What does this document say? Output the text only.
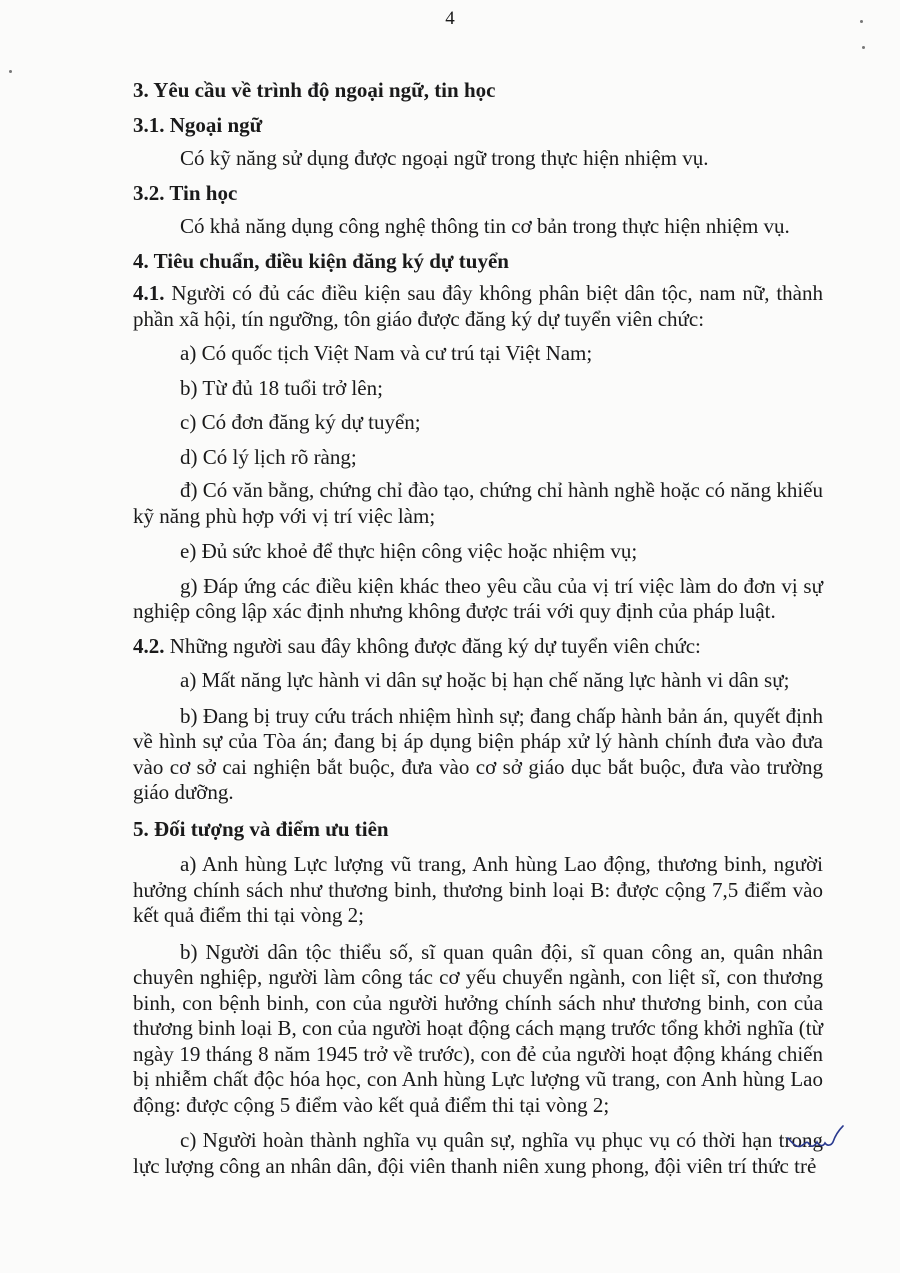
4

3. Yêu cầu về trình độ ngoại ngữ, tin học

3.1. Ngoại ngữ

Có kỹ năng sử dụng được ngoại ngữ trong thực hiện nhiệm vụ.

3.2. Tin học

Có khả năng dụng công nghệ thông tin cơ bản trong thực hiện nhiệm vụ.

4. Tiêu chuẩn, điều kiện đăng ký dự tuyển

4.1. Người có đủ các điều kiện sau đây không phân biệt dân tộc, nam nữ, thành phần xã hội, tín ngưỡng, tôn giáo được đăng ký dự tuyển viên chức:

a) Có quốc tịch Việt Nam và cư trú tại Việt Nam;

b) Từ đủ 18 tuổi trở lên;

c) Có đơn đăng ký dự tuyển;

d) Có lý lịch rõ ràng;

đ) Có văn bằng, chứng chỉ đào tạo, chứng chỉ hành nghề hoặc có năng khiếu kỹ năng phù hợp với vị trí việc làm;

e) Đủ sức khoẻ để thực hiện công việc hoặc nhiệm vụ;

g) Đáp ứng các điều kiện khác theo yêu cầu của vị trí việc làm do đơn vị sự nghiệp công lập xác định nhưng không được trái với quy định của pháp luật.

4.2. Những người sau đây không được đăng ký dự tuyển viên chức:

a) Mất năng lực hành vi dân sự hoặc bị hạn chế năng lực hành vi dân sự;

b) Đang bị truy cứu trách nhiệm hình sự; đang chấp hành bản án, quyết định về hình sự của Tòa án; đang bị áp dụng biện pháp xử lý hành chính đưa vào đưa vào cơ sở cai nghiện bắt buộc, đưa vào cơ sở giáo dục bắt buộc, đưa vào trường giáo dưỡng.

5. Đối tượng và điểm ưu tiên

a) Anh hùng Lực lượng vũ trang, Anh hùng Lao động, thương binh, người hưởng chính sách như thương binh, thương binh loại B: được cộng 7,5 điểm vào kết quả điểm thi tại vòng 2;

b) Người dân tộc thiểu số, sĩ quan quân đội, sĩ quan công an, quân nhân chuyên nghiệp, người làm công tác cơ yếu chuyển ngành, con liệt sĩ, con thương binh, con bệnh binh, con của người hưởng chính sách như thương binh, con của thương binh loại B, con của người hoạt động cách mạng trước tổng khởi nghĩa (từ ngày 19 tháng 8 năm 1945 trở về trước), con đẻ của người hoạt động kháng chiến bị nhiễm chất độc hóa học, con Anh hùng Lực lượng vũ trang, con Anh hùng Lao động: được cộng 5 điểm vào kết quả điểm thi tại vòng 2;

c) Người hoàn thành nghĩa vụ quân sự, nghĩa vụ phục vụ có thời hạn trong lực lượng công an nhân dân, đội viên thanh niên xung phong, đội viên trí thức trẻ
